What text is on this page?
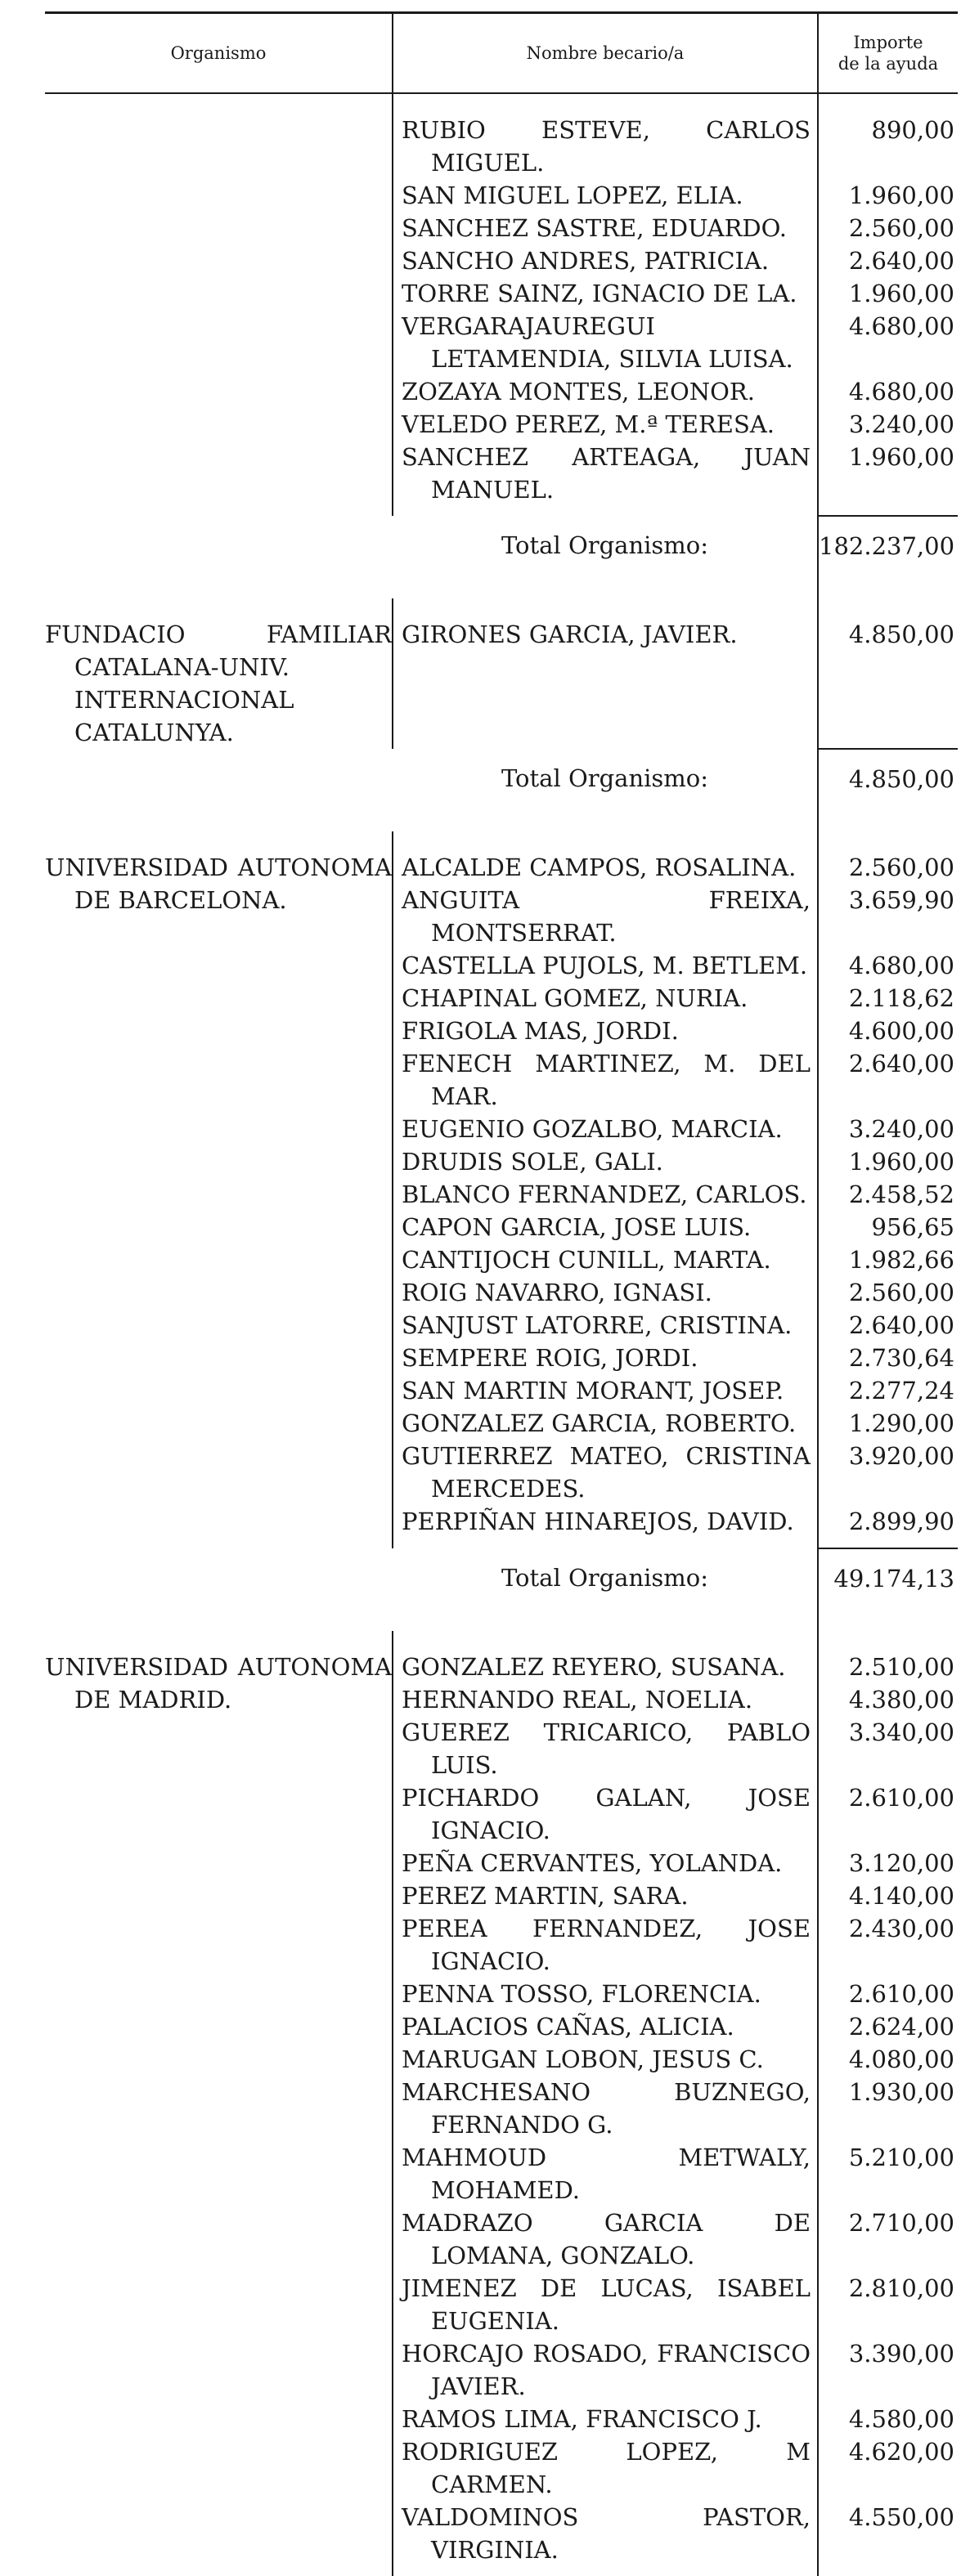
Organismo	Nombre becario/a	Importe
de la ayuda

	RUBIO ESTEVE, CARLOS MIGUEL.	890,00

	SAN MIGUEL LOPEZ, ELIA.	1.960,00

	SANCHEZ SASTRE, EDUARDO.	2.560,00

	SANCHO ANDRES, PATRICIA.	2.640,00

	TORRE SAINZ, IGNACIO DE LA.	1.960,00

	VERGARAJAUREGUI LETAMENDIA, SILVIA LUISA.	4.680,00

	ZOZAYA MONTES, LEONOR.	4.680,00

	VELEDO PEREZ, M.ª TERESA.	3.240,00

	SANCHEZ ARTEAGA, JUAN MANUEL.	1.960,00
	Total Organismo:	182.237,00

FUNDACIO FAMILIAR CATALANA-UNIV. INTERNACIONAL CATALUNYA.	GIRONES GARCIA, JAVIER.	4.850,00
	Total Organismo:	4.850,00

UNIVERSIDAD AUTONOMA DE BARCELONA.	ALCALDE CAMPOS, ROSALINA.	2.560,00

	ANGUITA FREIXA, MONTSERRAT.	3.659,90

	CASTELLA PUJOLS, M. BETLEM.	4.680,00

	CHAPINAL GOMEZ, NURIA.	2.118,62

	FRIGOLA MAS, JORDI.	4.600,00

	FENECH MARTINEZ, M. DEL MAR.	2.640,00

	EUGENIO GOZALBO, MARCIA.	3.240,00

	DRUDIS SOLE, GALI.	1.960,00

	BLANCO FERNANDEZ, CARLOS.	2.458,52

	CAPON GARCIA, JOSE LUIS.	956,65

	CANTIJOCH CUNILL, MARTA.	1.982,66

	ROIG NAVARRO, IGNASI.	2.560,00

	SANJUST LATORRE, CRISTINA.	2.640,00

	SEMPERE ROIG, JORDI.	2.730,64

	SAN MARTIN MORANT, JOSEP.	2.277,24

	GONZALEZ GARCIA, ROBERTO.	1.290,00

	GUTIERREZ MATEO, CRISTINA MERCEDES.	3.920,00

	PERPIÑAN HINAREJOS, DAVID.	2.899,90
	Total Organismo:	49.174,13

UNIVERSIDAD AUTONOMA DE MADRID.	GONZALEZ REYERO, SUSANA.	2.510,00

	HERNANDO REAL, NOELIA.	4.380,00

	GUEREZ TRICARICO, PABLO LUIS.	3.340,00

	PICHARDO GALAN, JOSE IGNACIO.	2.610,00

	PEÑA CERVANTES, YOLANDA.	3.120,00

	PEREZ MARTIN, SARA.	4.140,00

	PEREA FERNANDEZ, JOSE IGNACIO.	2.430,00

	PENNA TOSSO, FLORENCIA.	2.610,00

	PALACIOS CAÑAS, ALICIA.	2.624,00

	MARUGAN LOBON, JESUS C.	4.080,00

	MARCHESANO BUZNEGO, FERNANDO G.	1.930,00

	MAHMOUD METWALY, MOHAMED.	5.210,00

	MADRAZO GARCIA DE LOMANA, GONZALO.	2.710,00

	JIMENEZ DE LUCAS, ISABEL EUGENIA.	2.810,00

	HORCAJO ROSADO, FRANCISCO JAVIER.	3.390,00

	RAMOS LIMA, FRANCISCO J.	4.580,00

	RODRIGUEZ LOPEZ, M CARMEN.	4.620,00

	VALDOMINOS PASTOR, VIRGINIA.	4.550,00
